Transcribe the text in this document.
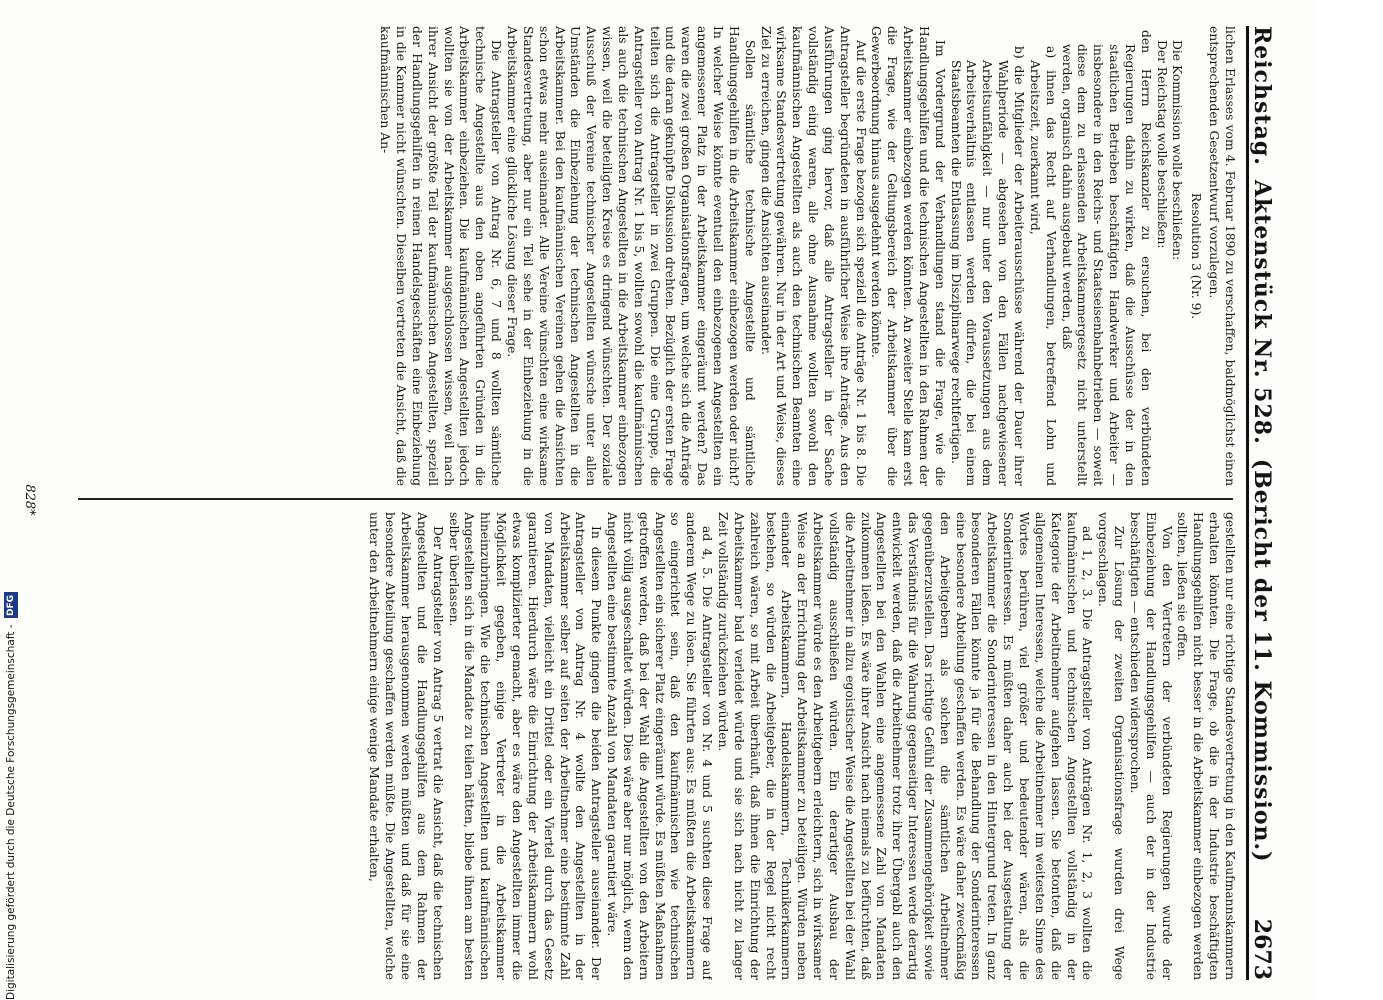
Reichstag.Aktenstück Nr. 528.(Bericht der 11. Kommission.)
2673

lichen Erlasses vom 4. Februar 1890 zu verschaffen, baldmöglichst einen entsprechenden Gesetzentwurf vorzulegen.

Resolution 3 (Nr. 9).

Die Kommission wolle beschließen:

Der Reichstag wolle beschließen:

den Herrn Reichskanzler zu ersuchen, bei den verbündeten Regierungen dahin zu wirken, daß die Ausschüsse der in den staatlichen Betrieben beschäftigten Handwerker und Arbeiter — insbesondere in den Reichs- und Staatseisenbahnbetrieben — soweit diese dem zu erlassenden Arbeitskammergesetz nicht unterstellt werden, organisch dahin ausgebaut werden, daß

a) ihnen das Recht auf Verhandlungen, betreffend Lohn und Arbeitszeit, zuerkannt wird,

b) die Mitglieder der Arbeiterausschüsse während der Dauer ihrer Wahlperiode — abgesehen von den Fällen nachgewiesener Arbeitsunfähigkeit — nur unter den Voraussetzungen aus dem Arbeitsverhältnis entlassen werden dürfen, die bei einem Staatsbeamten die Entlassung im Disziplinarwege rechtfertigen.

Im Vordergrund der Verhandlungen stand die Frage, wie die Handlungsgehilfen und die technischen Angestellten in den Rahmen der Arbeitskammer einbezogen werden könnten. An zweiter Stelle kam erst die Frage, wie der Geltungsbereich der Arbeitskammer über die Gewerbeordnung hinaus ausgedehnt werden könnte.

Auf die erste Frage bezogen sich speziell die Anträge Nr. 1 bis 8. Die Antragsteller begründeten in ausführlicher Weise ihre Anträge. Aus den Ausführungen ging hervor, daß alle Antragsteller in der Sache vollständig einig waren, alle ohne Ausnahme wollten sowohl den kaufmännischen Angestellten als auch den technischen Beamten eine wirksame Standesvertretung gewähren. Nur in der Art und Weise, dieses Ziel zu erreichen, gingen die Ansichten auseinander.

Sollen sämtliche technische Angestellte und sämtliche Handlungsgehilfen in die Arbeitskammer einbezogen werden oder nicht? In welcher Weise könnte eventuell den einbezogenen Angestellten ein angemessener Platz in der Arbeitskammer eingeräumt werden? Das waren die zwei großen Organisationsfragen, um welche sich die Anträge und die daran geknüpfte Diskussion drehten. Bezüglich der ersten Frage teilten sich die Antragsteller in zwei Gruppen. Die eine Gruppe, die Antragsteller von Antrag Nr. 1 bis 5, wollten sowohl die kaufmännischen als auch die technischen Angestellten in die Arbeitskammer einbezogen wissen, weil die beteiligten Kreise es dringend wünschten. Der soziale Ausschuß der Vereine technischer Angestellten wünsche unter allen Umständen die Einbeziehung der technischen Angestellten in die Arbeitskammer. Bei den kaufmännischen Vereinen gehen die Ansichten schon etwas mehr auseinander. Alle Vereine wünschten eine wirksame Standesvertretung, aber nur ein Teil sehe in der Einbeziehung in die Arbeitskammer eine glückliche Lösung dieser Frage.

Die Antragsteller von Antrag Nr. 6, 7 und 8 wollten sämtliche technische Angestellte aus den oben angeführten Gründen in die Arbeitskammer einbeziehen. Die kaufmännischen Angestellten jedoch wollten sie von der Arbeitskammer ausgeschlossen wissen, weil nach ihrer Ansicht der größte Teil der kaufmännischen Angestellten, speziell der Handlungsgehilfen in reinen Handelsgeschäften eine Einbeziehung in die Kammer nicht wünschten. Dieselben vertreten die Ansicht, daß die kaufmännischen An-

gestellten nur eine richtige Standesvertretung in den Kaufmannskammern erhalten könnten. Die Frage, ob die in der Industrie beschäftigten Handlungsgehilfen nicht besser in die Arbeitskammer einbezogen werden sollten, ließen sie offen.

Von den Vertretern der verbündeten Regierungen wurde der Einbeziehung der Handlungsgehilfen — auch der in der Industrie beschäftigten — entschieden widersprochen.

Zur Lösung der zweiten Organisationsfrage wurden drei Wege vorgeschlagen.

ad 1, 2, 3. Die Antragsteller von Anträgen Nr. 1, 2, 3 wollten die kaufmännischen und technischen Angestellten vollständig in der Kategorie der Arbeitnehmer aufgehen lassen. Sie betonten, daß die allgemeinen Interessen, welche die Arbeitnehmer im weitesten Sinne des Wortes berühren, viel größer und bedeutender wären, als die Sonderinteressen. Es müßten daher auch bei der Ausgestaltung der Arbeitskammer die Sonderinteressen in den Hintergrund treten. In ganz besonderen Fällen könnte ja für die Behandlung der Sonderinteressen eine besondere Abteilung geschaffen werden. Es wäre daher zweckmäßig den Arbeitgebern als solchen die sämtlichen Arbeitnehmer gegenüberzustellen. Das richtige Gefühl der Zusammengehörigkeit sowie das Verständnis für die Wahrung gegenseitiger Interessen werde derartig entwickelt werden, daß die Arbeitnehmer trotz ihrer Übergabl auch den Angestellten bei den Wahlen eine angemessene Zahl von Mandaten zukommen ließen. Es wäre ihrer Ansicht nach niemals zu befürchten, daß die Arbeitnehmer in allzu egoistischer Weise die Angestellten bei der Wahl vollständig ausschließen würden. Ein derartiger Ausbau der Arbeitskammer würde es den Arbeitgebern erleichtern, sich in wirksamer Weise an der Errichtung der Arbeitskammer zu beteiligen. Würden neben einander Arbeitskammern, Handelskammern, Technikerkammern bestehen, so würden die Arbeitgeber, die in der Regel nicht recht zahlreich wären, so mit Arbeit überhäuft, daß ihnen die Einrichtung der Arbeitskammer bald verleidet würde und sie sich nach nicht zu langer Zeit vollständig zurückziehen würden.

ad 4, 5. Die Antragsteller von Nr. 4 und 5 suchten diese Frage auf anderem Wege zu lösen. Sie führten aus: Es müßten die Arbeitskammern so eingerichtet sein, daß den kaufmännischen wie technischen Angestellten ein sicherer Platz eingeräumt würde. Es müßten Maßnahmen getroffen werden, daß bei der Wahl die Angestellten von den Arbeitern nicht völlig ausgeschaltet würden. Dies wäre aber nur möglich, wenn den Angestellten eine bestimmte Anzahl von Mandaten garantiert wäre.

In diesem Punkte gingen die beiden Antragsteller auseinander. Der Antragsteller von Antrag Nr. 4 wollte den Angestellten in der Arbeitskammer selber auf seiten der Arbeitnehmer eine bestimmte Zahl von Mandaten, vielleicht ein Drittel oder ein Viertel durch das Gesetz garantieren. Hierdurch wäre die Einrichtung der Arbeitskammern wohl etwas komplizierter gemacht, aber es wäre den Angestellten immer die Möglichkeit gegeben, einige Vertreter in die Arbeitskammer hineinzubringen. Wie die technischen Angestellten und kaufmännischen Angestellten sich in die Mandate zu teilen hätten, bliebe ihnen am besten selber überlassen.

Der Antragsteller von Antrag 5 vertrat die Ansicht, daß die technischen Angestellten und die Handlungsgehilfen aus dem Rahmen der Arbeitskammer herausgenommen werden müßten und daß für sie eine besondere Abteilung geschaffen werden müßte. Die Angestellten, welche unter den Arbeitnehmern einige wenige Mandate erhalten,

828*
Digitalisierung gefördert durch die Deutsche Forschungsgemeinschaft -
DFG
